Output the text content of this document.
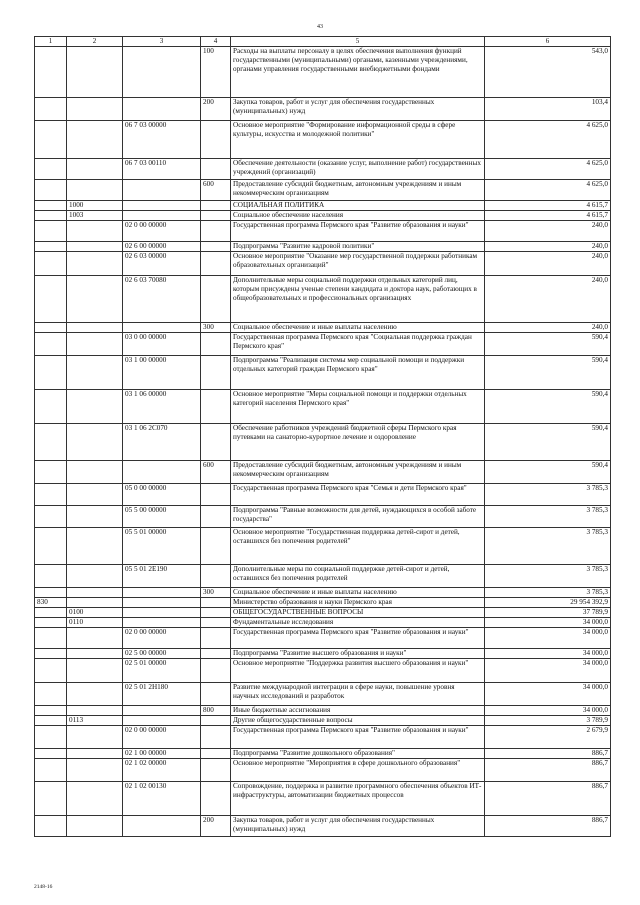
43
1	2	3	4	5	6
			100	Расходы на выплаты персоналу в целях обеспечения выполнения функций государственными (муниципальными) органами, казенными учреждениями, органами управления государственными внебюджетными фондами	543,0
			200	Закупка товаров, работ и услуг для обеспечения государственных (муниципальных) нужд	103,4
		06 7 03 00000		Основное мероприятие "Формирование информационной среды в сфере культуры, искусства и молодежной политики"	4 625,0
		06 7 03 00110		Обеспечение деятельности (оказание услуг, выполнение работ) государственных учреждений (организаций)	4 625,0
			600	Предоставление субсидий бюджетным, автономным учреждениям и иным некоммерческим организациям	4 625,0
	1000			СОЦИАЛЬНАЯ ПОЛИТИКА	4 615,7
	1003			Социальное обеспечение населения	4 615,7
		02 0 00 00000		Государственная программа Пермского края "Развитие образования и науки"	240,0
		02 6 00 00000		Подпрограмма "Развитие кадровой политики"	240,0
		02 6 03 00000		Основное мероприятие "Оказание мер государственной поддержки работникам образовательных организаций"	240,0
		02 6 03 70080		Дополнительные меры социальной поддержки отдельных категорий лиц, которым присуждены ученые степени кандидата и доктора наук, работающих в общеобразовательных и профессиональных организациях	240,0
			300	Социальное обеспечение и иные выплаты населению	240,0
		03 0 00 00000		Государственная программа Пермского края "Социальная поддержка граждан Пермского края"	590,4
		03 1 00 00000		Подпрограмма "Реализация системы мер социальной помощи и поддержки отдельных категорий граждан Пермского края"	590,4
		03 1 06 00000		Основное мероприятие "Меры социальной помощи и поддержки отдельных категорий населения Пермского края"	590,4
		03 1 06 2С070		Обеспечение работников учреждений бюджетной сферы Пермского края путевками на санаторно-курортное лечение и оздоровление	590,4
			600	Предоставление субсидий бюджетным, автономным учреждениям и иным некоммерческим организациям	590,4
		05 0 00 00000		Государственная программа Пермского края "Семья и дети Пермского края"	3 785,3
		05 5 00 00000		Подпрограмма "Равные возможности для детей, нуждающихся в особой заботе государства"	3 785,3
		05 5 01 00000		Основное мероприятие "Государственная поддержка детей-сирот и детей, оставшихся без попечения родителей"	3 785,3
		05 5 01 2Е190		Дополнительные меры по социальной поддержке детей-сирот и детей, оставшихся без попечения родителей	3 785,3
			300	Социальное обеспечение и иные выплаты населению	3 785,3
830				Министерство образования и науки Пермского края	29 954 392,9
	0100			ОБЩЕГОСУДАРСТВЕННЫЕ ВОПРОСЫ	37 789,9
	0110			Фундаментальные исследования	34 000,0
		02 0 00 00000		Государственная программа Пермского края "Развитие образования и науки"	34 000,0
		02 5 00 00000		Подпрограмма "Развитие высшего образования и науки"	34 000,0
		02 5 01 00000		Основное мероприятие "Поддержка развития высшего образования и науки"	34 000,0
		02 5 01 2Н180		Развитие международной интеграции в сфере науки, повышение уровня научных исследований и разработок	34 000,0
			800	Иные бюджетные ассигнования	34 000,0
	0113			Другие общегосударственные вопросы	3 789,9
		02 0 00 00000		Государственная программа Пермского края "Развитие образования и науки"	2 679,9
		02 1 00 00000		Подпрограмма "Развитие дошкольного образования"	886,7
		02 1 02 00000		Основное мероприятие "Мероприятия в сфере дошкольного образования"	886,7
		02 1 02 00130		Сопровождение, поддержка и развитие программного обеспечения объектов ИТ-инфраструктуры, автоматизации бюджетных процессов	886,7
			200	Закупка товаров, работ и услуг для обеспечения государственных (муниципальных) нужд	886,7
2148-16
